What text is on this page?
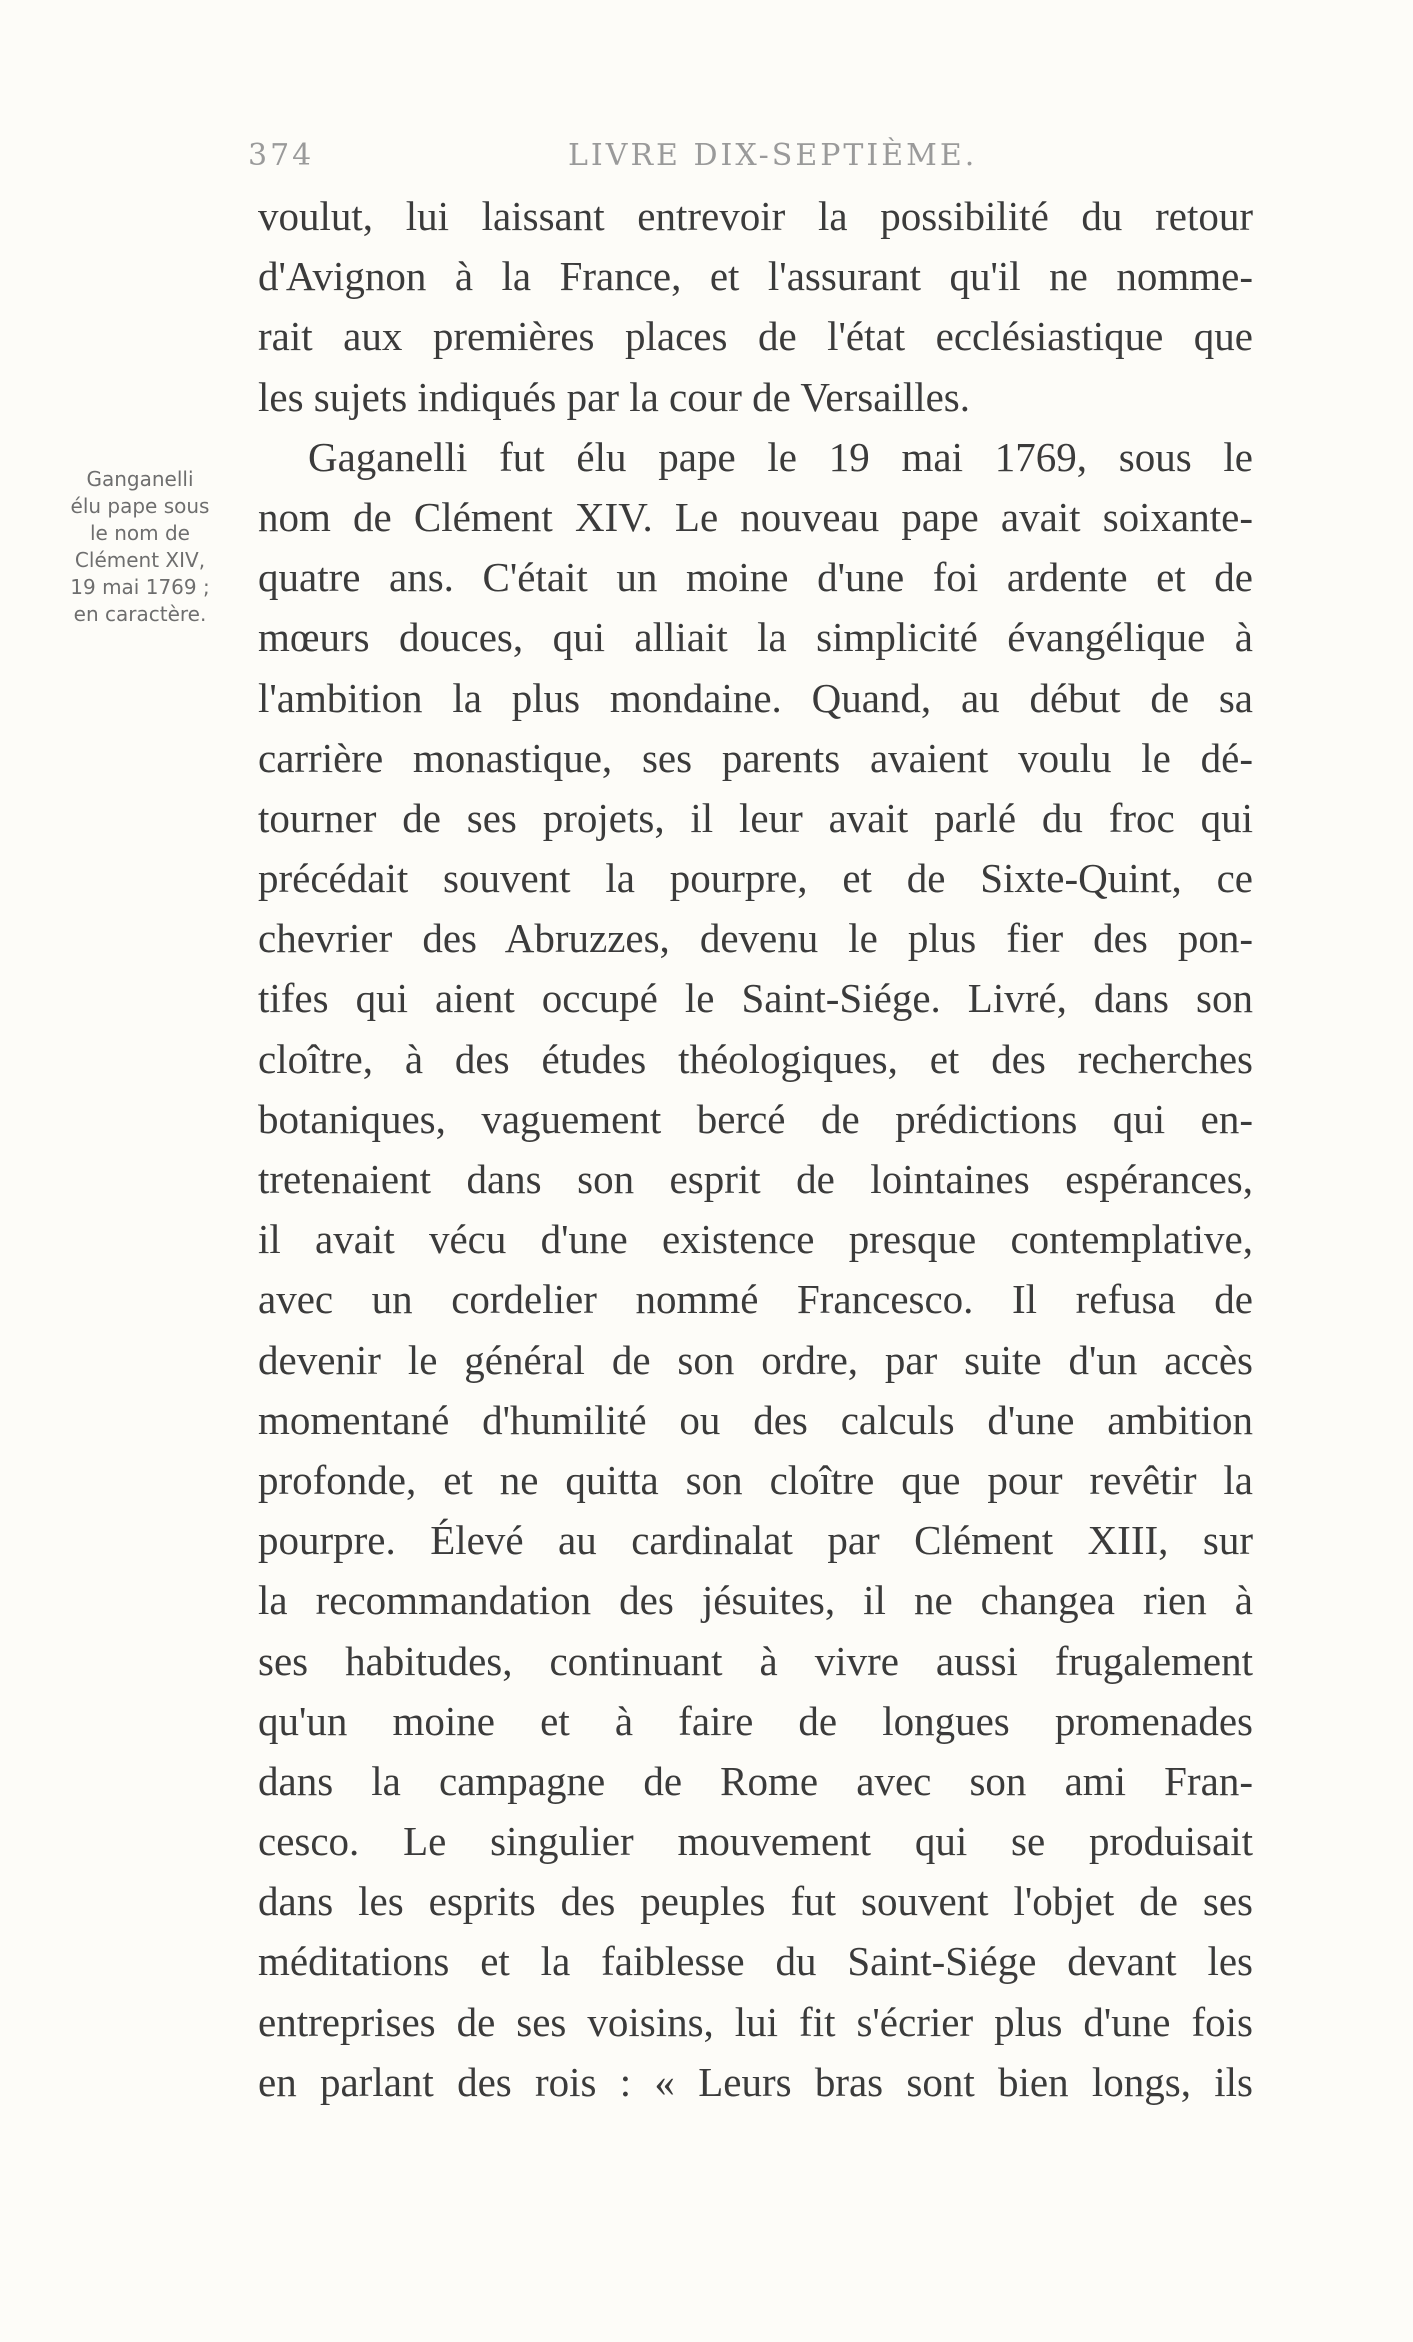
374	LIVRE DIX-SEPTIÈME.
Ganganelli
élu pape sous
le nom de
Clément XIV,
19 mai 1769 ;
en caractère.
voulut, lui laissant entrevoir la possibilité du retour
d'Avignon à la France, et l'assurant qu'il ne nomme-
rait aux premières places de l'état ecclésiastique que
les sujets indiqués par la cour de Versailles.
Gaganelli fut élu pape le 19 mai 1769, sous le
nom de Clément XIV. Le nouveau pape avait soixante-
quatre ans. C'était un moine d'une foi ardente et de
mœurs douces, qui alliait la simplicité évangélique à
l'ambition la plus mondaine. Quand, au début de sa
carrière monastique, ses parents avaient voulu le dé-
tourner de ses projets, il leur avait parlé du froc qui
précédait souvent la pourpre, et de Sixte-Quint, ce
chevrier des Abruzzes, devenu le plus fier des pon-
tifes qui aient occupé le Saint-Siége. Livré, dans son
cloître, à des études théologiques, et des recherches
botaniques, vaguement bercé de prédictions qui en-
tretenaient dans son esprit de lointaines espérances,
il avait vécu d'une existence presque contemplative,
avec un cordelier nommé Francesco. Il refusa de
devenir le général de son ordre, par suite d'un accès
momentané d'humilité ou des calculs d'une ambition
profonde, et ne quitta son cloître que pour revêtir la
pourpre. Élevé au cardinalat par Clément XIII, sur
la recommandation des jésuites, il ne changea rien à
ses habitudes, continuant à vivre aussi frugalement
qu'un moine et à faire de longues promenades
dans la campagne de Rome avec son ami Fran-
cesco. Le singulier mouvement qui se produisait
dans les esprits des peuples fut souvent l'objet de ses
méditations et la faiblesse du Saint-Siége devant les
entreprises de ses voisins, lui fit s'écrier plus d'une fois
en parlant des rois : « Leurs bras sont bien longs, ils
